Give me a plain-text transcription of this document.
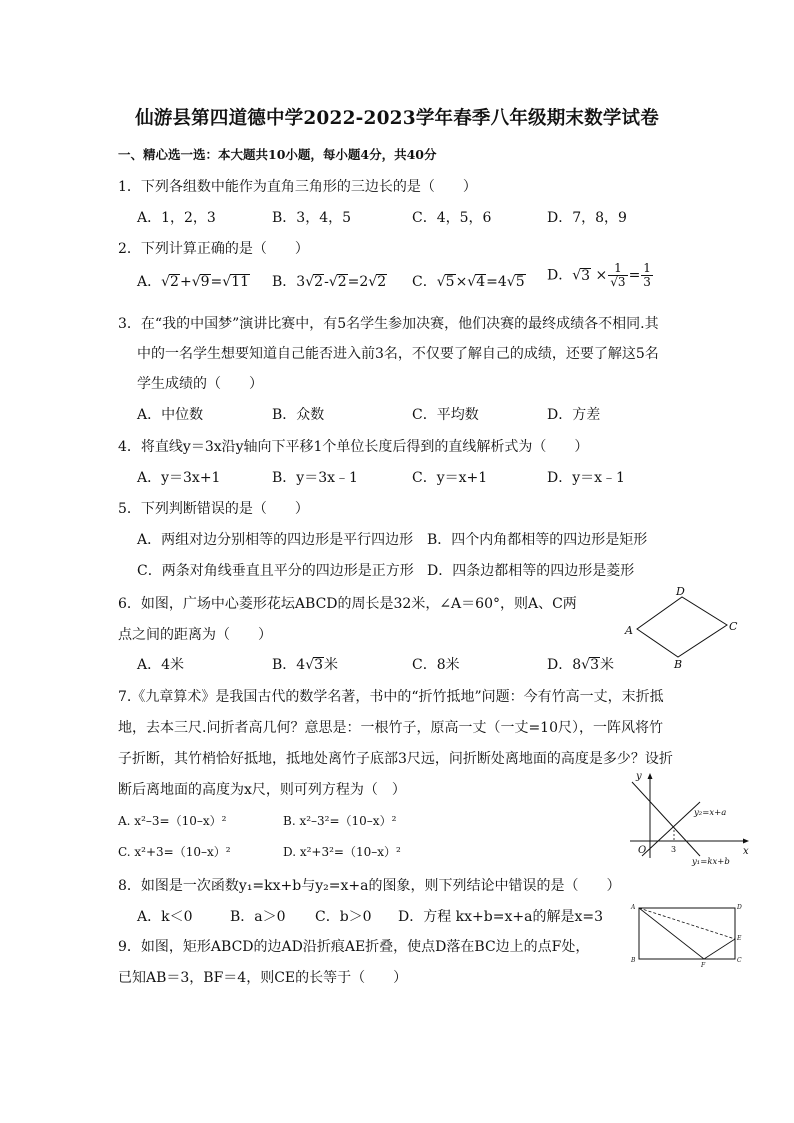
仙游县第四道德中学2022-2023学年春季八年级期末数学试卷
一、精心选一选：本大题共10小题，每小题4分，共40分
1．下列各组数中能作为直角三角形的三边长的是（　　）
A．1，2，3	B．3，4，5	C．4，5，6	D．7，8，9
2．下列计算正确的是（　　）
A．√2+√9=√11 B．3√2-√2=2√2 C．√5×√4=4√5 D．$√3 \times \frac{1}{√3} = \frac{1}{3}$
3．在“我的中国梦”演讲比赛中，有5名学生参加决赛，他们决赛的最终成绩各不相同.其
中的一名学生想要知道自己能否进入前3名，不仅要了解自己的成绩，还要了解这5名
学生成绩的（　　）
A．中位数	B．众数	C．平均数	D．方差
4．将直线y＝3x沿y轴向下平移1个单位长度后得到的直线解析式为（　　）
A．y＝3x+1	B．y＝3x﹣1	C．y＝x+1	D．y＝x﹣1
5．下列判断错误的是（　　）
A．两组对边分别相等的四边形是平行四边形 B．四个内角都相等的四边形是矩形
C．两条对角线垂直且平分的四边形是正方形 D．四条边都相等的四边形是菱形
6．如图，广场中心菱形花坛ABCD的周长是32米，∠A＝60°，则A、C两
点之间的距离为（　　）
A．4米	B．4√3米	C．8米	D．8√3米
A
B
C
D
7.《九章算术》是我国古代的数学名著，书中的“折竹抵地”问题：今有竹高一丈，末折抵
地，去本三尺.问折者高几何？意思是：一根竹子，原高一丈（一丈=10尺），一阵风将竹
子折断，其竹梢恰好抵地，抵地处离竹子底部3尺远，问折断处离地面的高度是多少？设折
断后离地面的高度为x尺，则可列方程为（　）
A. x²–3=（10–x）²	B. x²–3²=（10–x）²
C. x²+3=（10–x）²	D. x²+3²=（10–x）²
y
x
O	3
y₂=x+a
y₁=kx+b
8．如图是一次函数y₁=kx+b与y₂=x+a的图象，则下列结论中错误的是（　　）
A．k＜0	B．a＞0 C．b＞0 D．方程 kx+b=x+a的解是x=3
A
B	C
D
E
F
9．如图，矩形ABCD的边AD沿折痕AE折叠，使点D落在BC边上的点F处，
已知AB＝3，BF＝4，则CE的长等于（　　）
